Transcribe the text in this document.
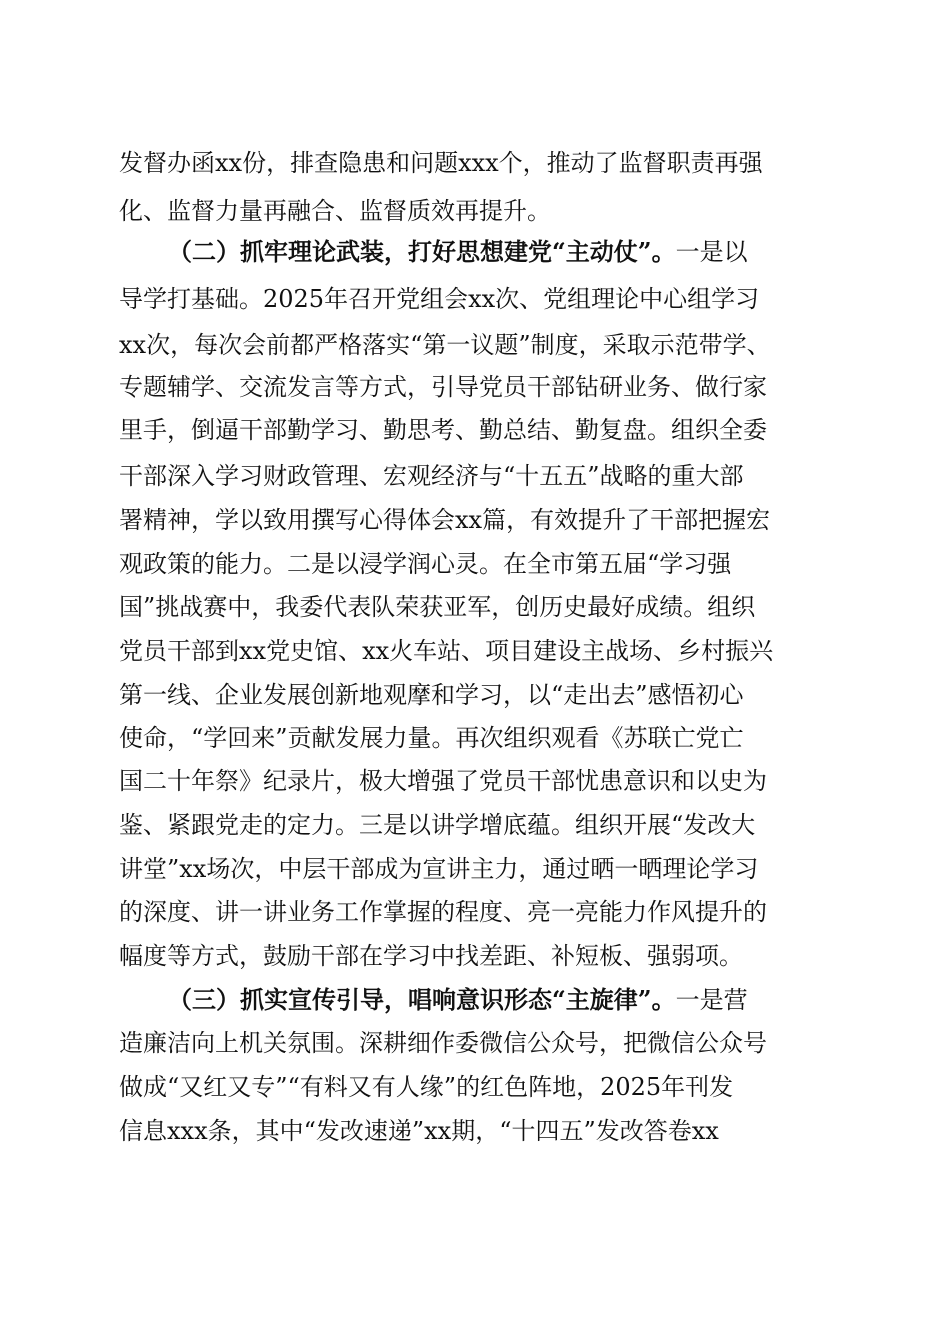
发督办函xx份，排查隐患和问题xxx个，推动了监督职责再强
化、监督力量再融合、监督质效再提升。
（二）抓牢理论武装，打好思想建党“主动仗”。一是以
导学打基础。2025年召开党组会xx次、党组理论中心组学习
xx次，每次会前都严格落实“第一议题”制度，采取示范带学、
专题辅学、交流发言等方式，引导党员干部钻研业务、做行家
里手，倒逼干部勤学习、勤思考、勤总结、勤复盘。组织全委
干部深入学习财政管理、宏观经济与“十五五”战略的重大部
署精神，学以致用撰写心得体会xx篇，有效提升了干部把握宏
观政策的能力。二是以浸学润心灵。在全市第五届“学习强
国”挑战赛中，我委代表队荣获亚军，创历史最好成绩。组织
党员干部到xx党史馆、xx火车站、项目建设主战场、乡村振兴
第一线、企业发展创新地观摩和学习，以“走出去”感悟初心
使命，“学回来”贡献发展力量。再次组织观看《苏联亡党亡
国二十年祭》纪录片，极大增强了党员干部忧患意识和以史为
鉴、紧跟党走的定力。三是以讲学增底蕴。组织开展“发改大
讲堂”xx场次，中层干部成为宣讲主力，通过晒一晒理论学习
的深度、讲一讲业务工作掌握的程度、亮一亮能力作风提升的
幅度等方式，鼓励干部在学习中找差距、补短板、强弱项。
（三）抓实宣传引导，唱响意识形态“主旋律”。一是营
造廉洁向上机关氛围。深耕细作委微信公众号，把微信公众号
做成“又红又专”“有料又有人缘”的红色阵地，2025年刊发
信息xxx条，其中“发改速递”xx期，“十四五”发改答卷xx
